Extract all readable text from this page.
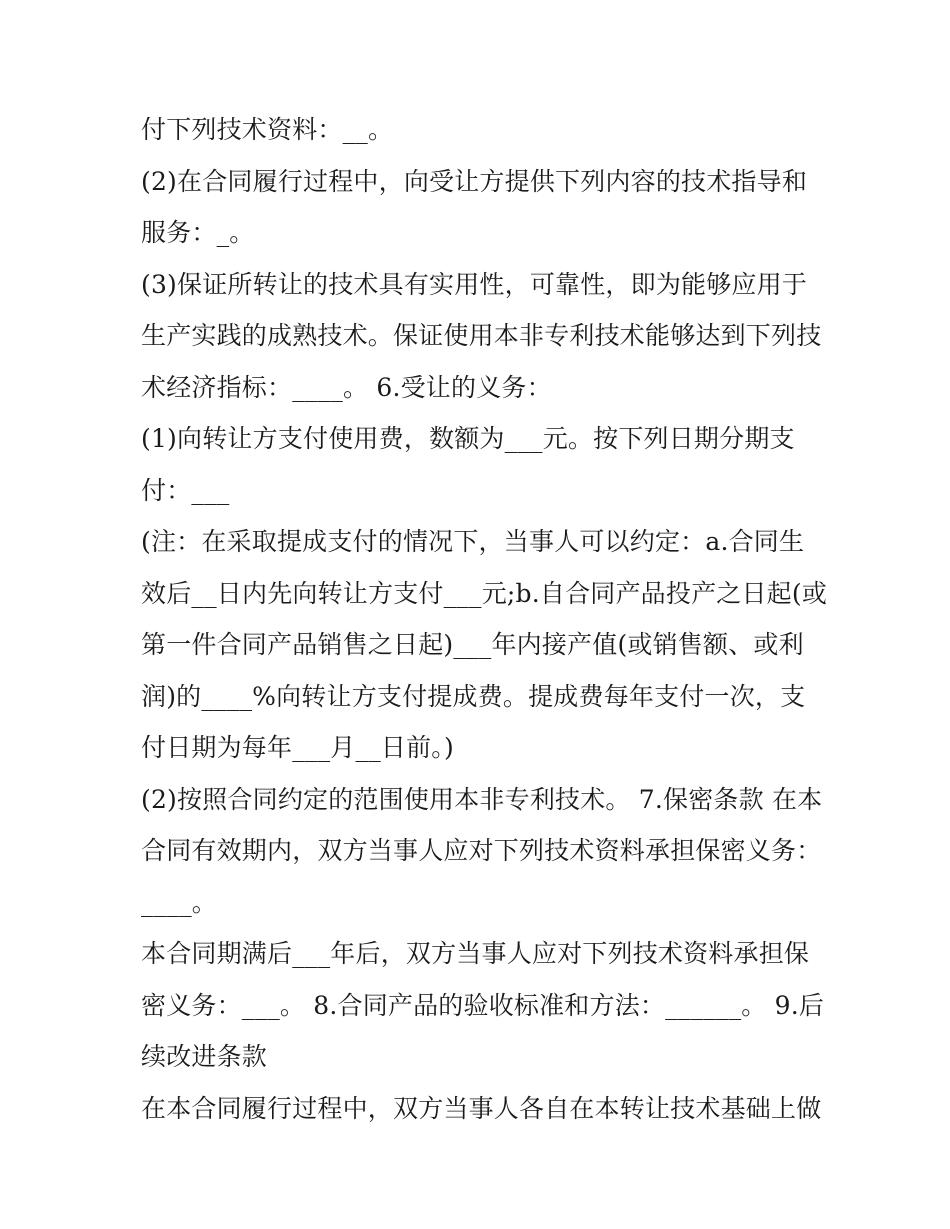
付下列技术资料：__。
(2)在合同履行过程中，向受让方提供下列内容的技术指导和
服务：_。
(3)保证所转让的技术具有实用性，可靠性，即为能够应用于
生产实践的成熟技术。保证使用本非专利技术能够达到下列技
术经济指标：____。 6.受让的义务：
(1)向转让方支付使用费，数额为___元。按下列日期分期支
付：___
(注：在采取提成支付的情况下，当事人可以约定：a.合同生
效后__日内先向转让方支付___元;b.自合同产品投产之日起(或
第一件合同产品销售之日起)___年内接产值(或销售额、或利
润)的____%向转让方支付提成费。提成费每年支付一次，支
付日期为每年___月__日前。)
(2)按照合同约定的范围使用本非专利技术。 7.保密条款 在本
合同有效期内，双方当事人应对下列技术资料承担保密义务：
____。
本合同期满后___年后，双方当事人应对下列技术资料承担保
密义务：___。 8.合同产品的验收标准和方法：______。 9.后
续改进条款
在本合同履行过程中，双方当事人各自在本转让技术基础上做
